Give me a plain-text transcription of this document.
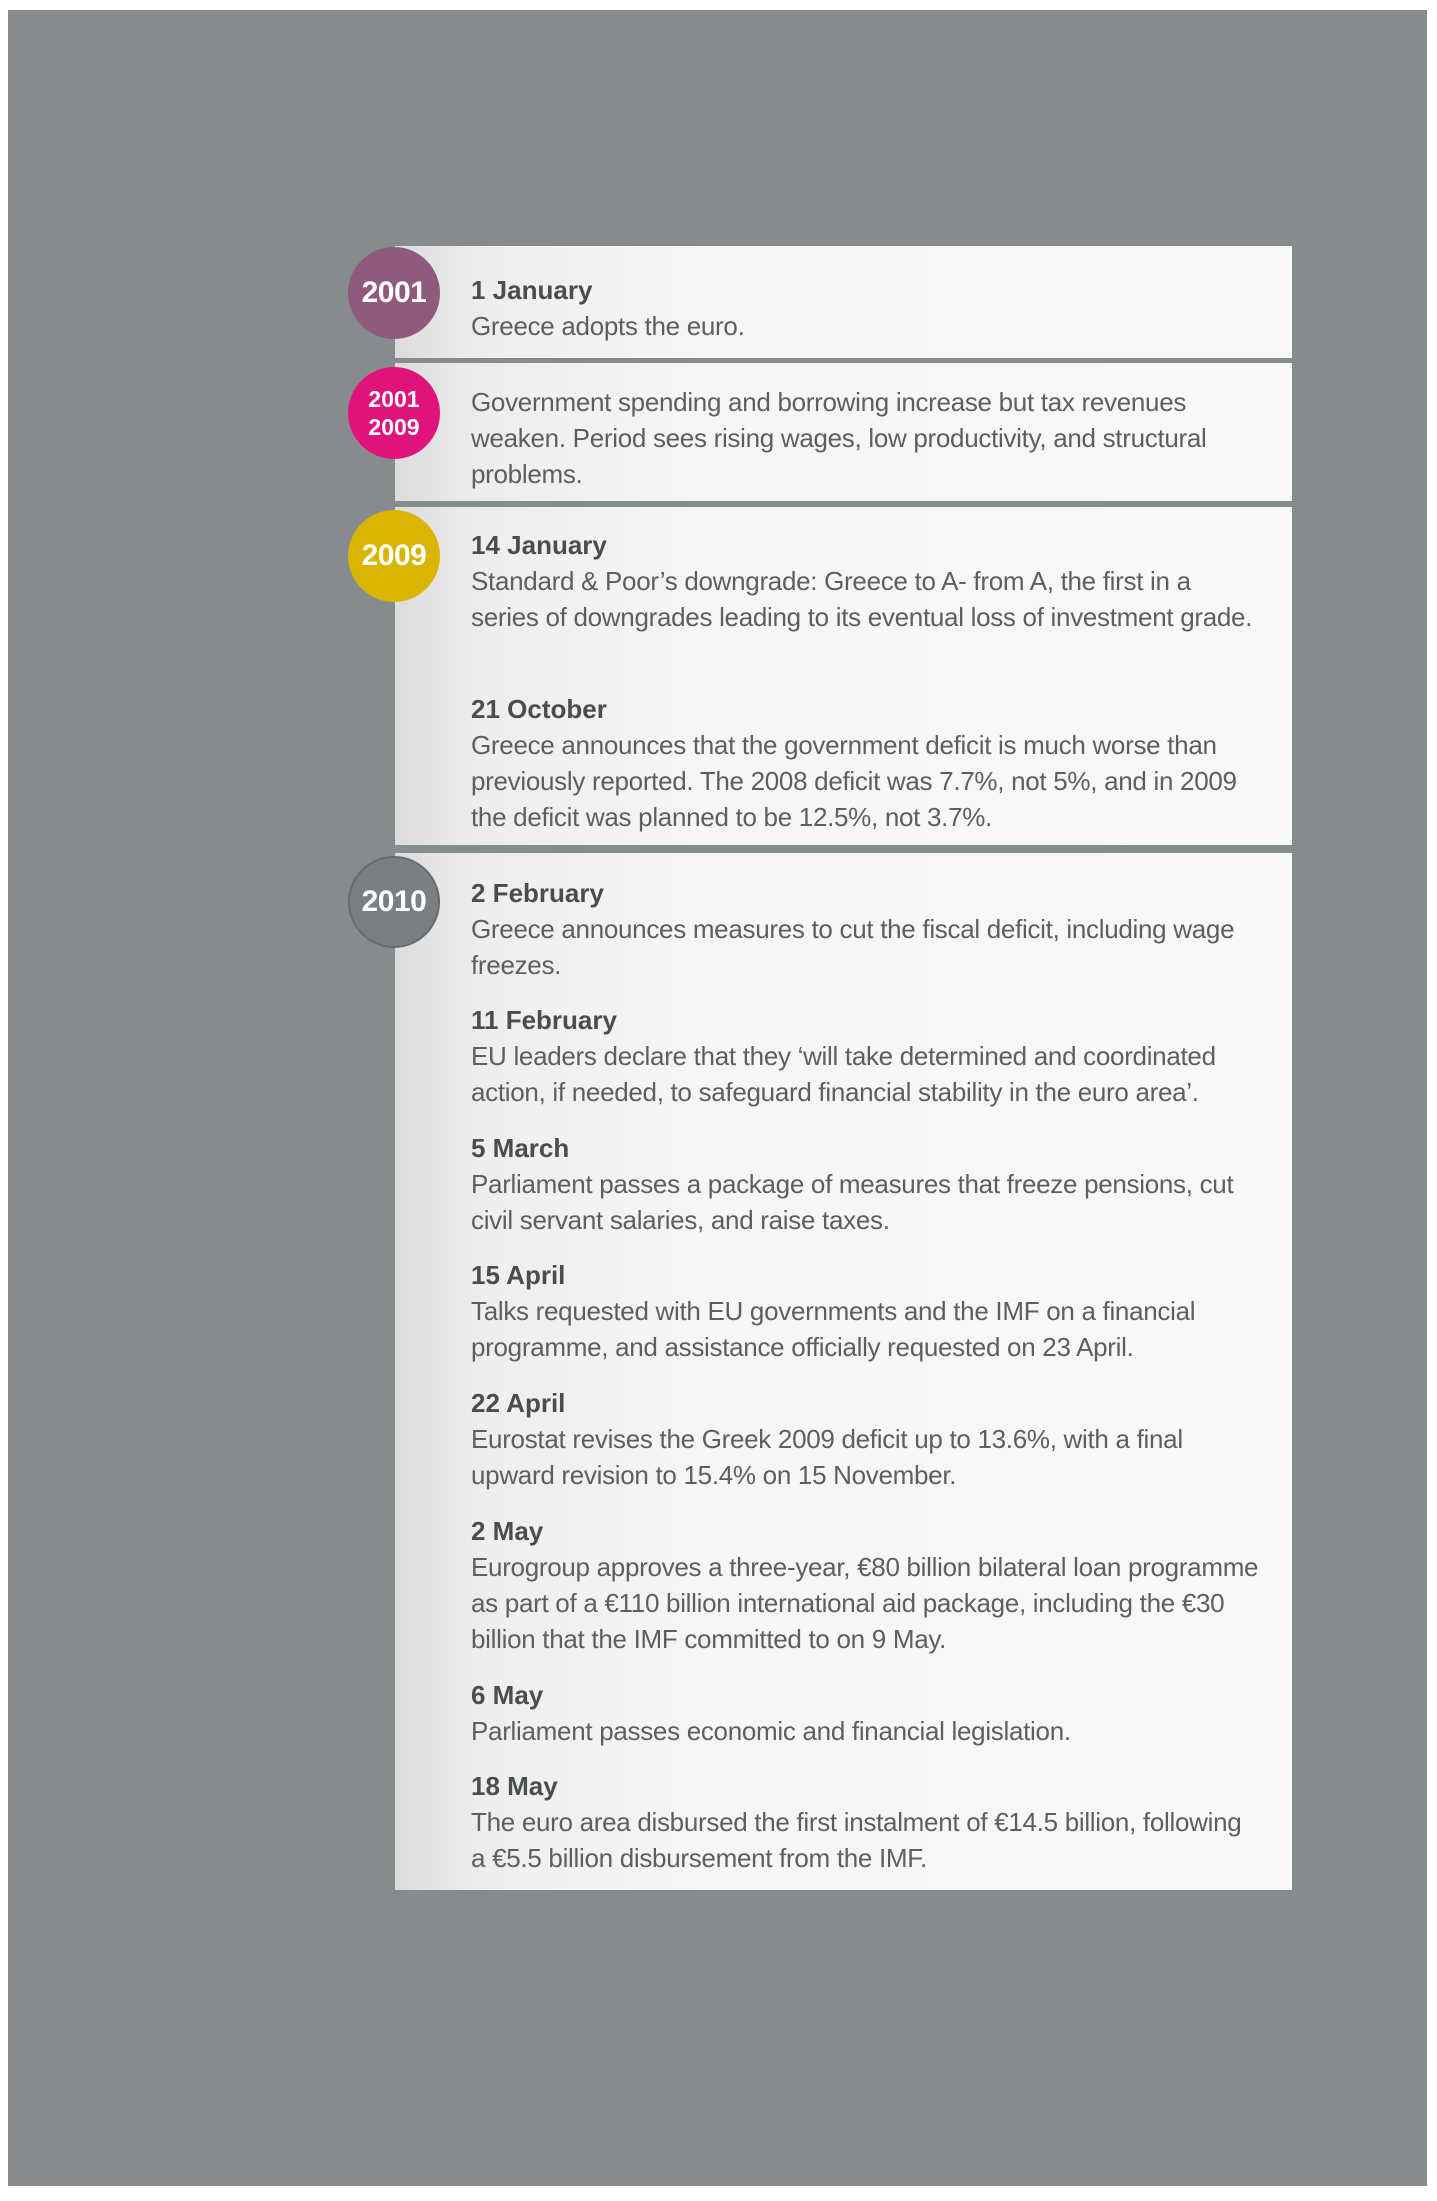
1 January
Greece adopts the euro.
Government spending and borrowing increase but tax revenues weaken. Period sees rising wages, low productivity, and structural problems.
14 January
Standard & Poor’s downgrade: Greece to A- from A, the first in a series of downgrades leading to its eventual loss of investment grade.
21 October
Greece announces that the government deficit is much worse than previously reported. The 2008 deficit was 7.7%, not 5%, and in 2009 the deficit was planned to be 12.5%, not 3.7%.
2 February
Greece announces measures to cut the fiscal deficit, including wage freezes.
11 February
EU leaders declare that they ‘will take determined and coordinated action, if needed, to safeguard financial stability in the euro area’.
5 March
Parliament passes a package of measures that freeze pensions, cut civil servant salaries, and raise taxes.
15 April
Talks requested with EU governments and the IMF on a financial programme, and assistance officially requested on 23 April.
22 April
Eurostat revises the Greek 2009 deficit up to 13.6%, with a final upward revision to 15.4% on 15 November.
2 May
Eurogroup approves a three-year, €80 billion bilateral loan programme as part of a €110 billion international aid package, including the €30 billion that the IMF committed to on 9 May.
6 May
Parliament passes economic and financial legislation.
18 May
The euro area disbursed the first instalment of €14.5 billion, following a €5.5 billion disbursement from the IMF.
2001
2001
2009
2009
2010
